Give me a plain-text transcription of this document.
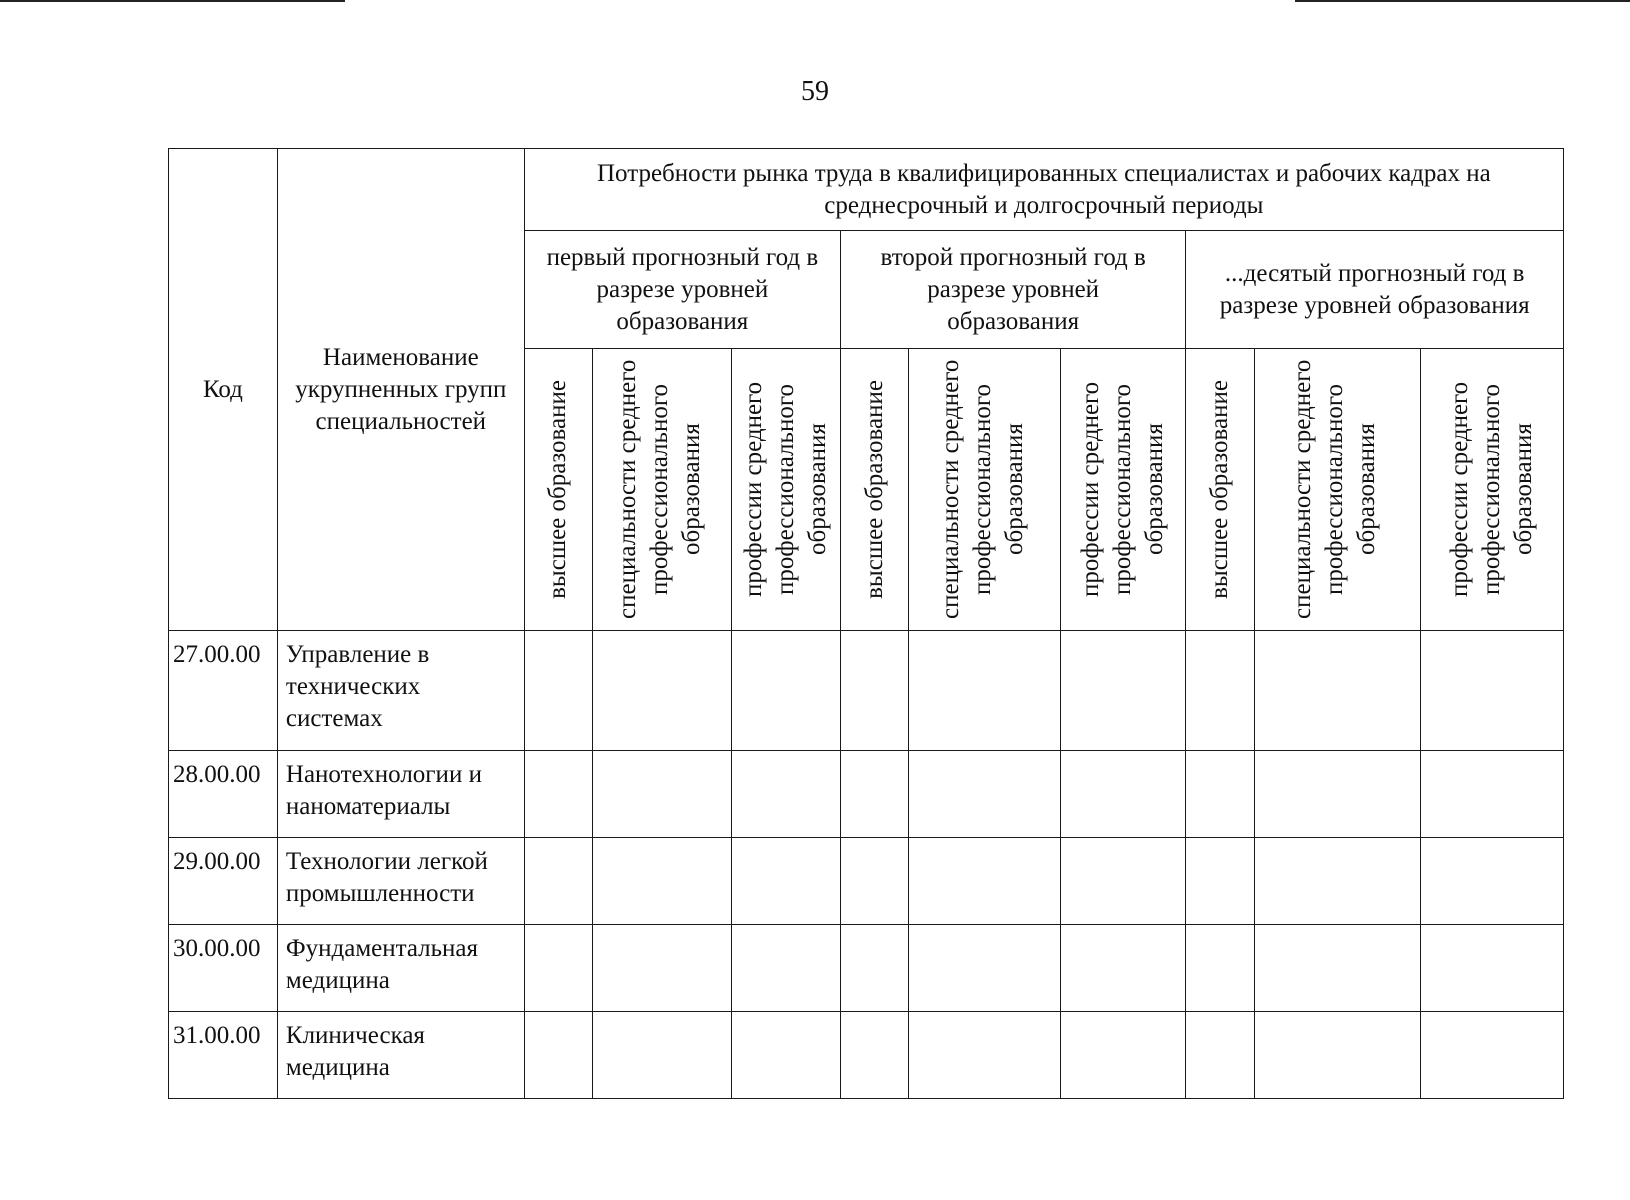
59
Код	Наименование укрупненных групп специальностей	Потребности рынка труда в квалифицированных специалистах и рабочих кадрах на среднесрочный и долгосрочный периоды								
		первый прогнозный год в разрезе уровней образования			второй прогнозный год в разрезе уровней образования			...десятый прогнозный год в разрезе уровней образования		

		высшее образование	специальности среднего профессионального образования	профессии среднего профессионального образования	высшее образование	специальности среднего профессионального образования	профессии среднего профессионального образования	высшее образование	специальности среднего профессионального образования	профессии среднего профессионального образования

27.00.00	Управление в технических системах									
28.00.00	Нанотехнологии и наноматериалы									
29.00.00	Технологии легкой промышленности									
30.00.00	Фундаментальная медицина									
31.00.00	Клиническая медицина									
